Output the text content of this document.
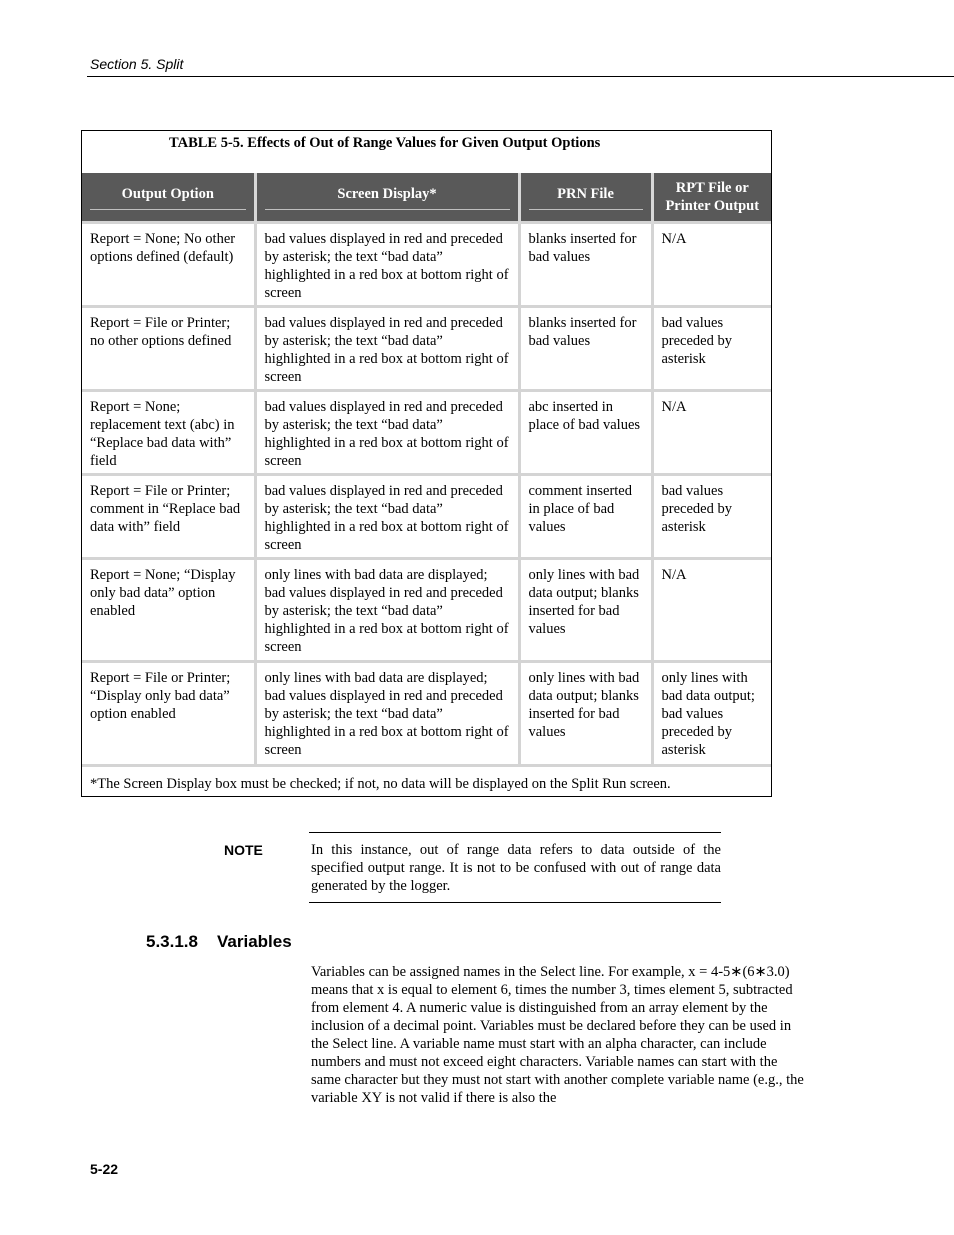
Section 5. Split
TABLE 5-5. Effects of Out of Range Values for Given Output Options
Output Option	Screen Display*	PRN File	RPT File or Printer Output

Report = None; No other options defined (default)	bad values displayed in red and preceded by asterisk; the text “bad data” highlighted in a red box at bottom right of screen	blanks inserted for bad values	N/A
Report = File or Printer; no other options defined	bad values displayed in red and preceded by asterisk; the text “bad data” highlighted in a red box at bottom right of screen	blanks inserted for bad values	bad values preceded by asterisk
Report = None; replacement text (abc) in “Replace bad data with” field	bad values displayed in red and preceded by asterisk; the text “bad data” highlighted in a red box at bottom right of screen	abc inserted in place of bad values	N/A
Report = File or Printer; comment in “Replace bad data with” field	bad values displayed in red and preceded by asterisk; the text “bad data” highlighted in a red box at bottom right of screen	comment inserted in place of bad values	bad values preceded by asterisk
Report = None; “Display only bad data” option enabled	only lines with bad data are displayed; bad values displayed in red and preceded by asterisk; the text “bad data” highlighted in a red box at bottom right of screen	only lines with bad data output; blanks inserted for bad values	N/A
Report = File or Printer; “Display only bad data” option enabled	only lines with bad data are displayed; bad values displayed in red and preceded by asterisk; the text “bad data” highlighted in a red box at bottom right of screen	only lines with bad data output; blanks inserted for bad values	only lines with bad data output; bad values preceded by asterisk
*The Screen Display box must be checked; if not, no data will be displayed on the Split Run screen.
NOTE	In this instance, out of range data refers to data outside of the specified output range. It is not to be confused with out of range data generated by the logger.
5.3.1.8 Variables
Variables can be assigned names in the Select line. For example, x = 4-5∗(6∗3.0) means that x is equal to element 6, times the number 3, times element 5, subtracted from element 4. A numeric value is distinguished from an array element by the inclusion of a decimal point. Variables must be declared before they can be used in the Select line. A variable name must start with an alpha character, can include numbers and must not exceed eight characters. Variable names can start with the same character but they must not start with another complete variable name (e.g., the variable XY is not valid if there is also the
5-22
